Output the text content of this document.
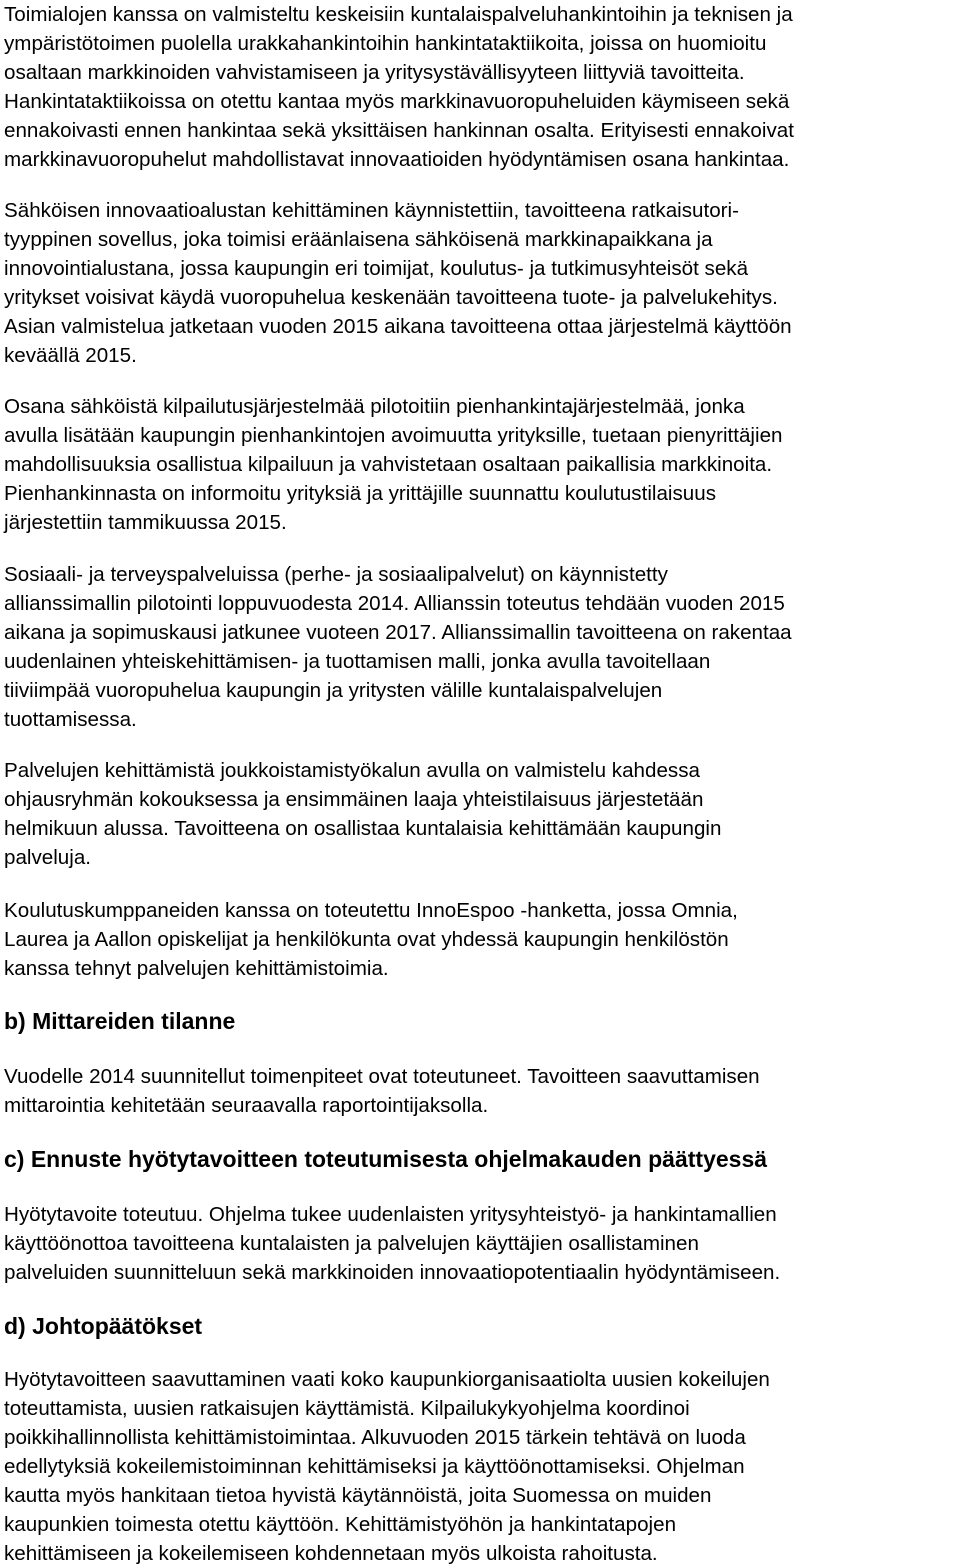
Toimialojen kanssa on valmisteltu keskeisiin kuntalaispalveluhankintoihin ja teknisen ja
ympäristötoimen puolella urakkahankintoihin hankintataktiikoita, joissa on huomioitu
osaltaan markkinoiden vahvistamiseen ja yritysystävällisyyteen liittyviä tavoitteita.
Hankintataktiikoissa on otettu kantaa myös markkinavuoropuheluiden käymiseen sekä
ennakoivasti ennen hankintaa sekä yksittäisen hankinnan osalta. Erityisesti ennakoivat
markkinavuoropuhelut mahdollistavat innovaatioiden hyödyntämisen osana hankintaa.
Sähköisen innovaatioalustan kehittäminen käynnistettiin, tavoitteena ratkaisutori-
tyyppinen sovellus, joka toimisi eräänlaisena sähköisenä markkinapaikkana ja
innovointialustana, jossa kaupungin eri toimijat, koulutus- ja tutkimusyhteisöt sekä
yritykset voisivat käydä vuoropuhelua keskenään tavoitteena tuote- ja palvelukehitys.
Asian valmistelua jatketaan vuoden 2015 aikana tavoitteena ottaa järjestelmä käyttöön
keväällä 2015.
Osana sähköistä kilpailutusjärjestelmää pilotoitiin pienhankintajärjestelmää, jonka
avulla lisätään kaupungin pienhankintojen avoimuutta yrityksille, tuetaan pienyrittäjien
mahdollisuuksia osallistua kilpailuun ja vahvistetaan osaltaan paikallisia markkinoita.
Pienhankinnasta on informoitu yrityksiä ja yrittäjille suunnattu koulutustilaisuus
järjestettiin tammikuussa 2015.
Sosiaali- ja terveyspalveluissa (perhe- ja sosiaalipalvelut) on käynnistetty
allianssimallin pilotointi loppuvuodesta 2014. Allianssin toteutus tehdään vuoden 2015
aikana ja sopimuskausi jatkunee vuoteen 2017. Allianssimallin tavoitteena on rakentaa
uudenlainen yhteiskehittämisen- ja tuottamisen malli, jonka avulla tavoitellaan
tiiviimpää vuoropuhelua kaupungin ja yritysten välille kuntalaispalvelujen
tuottamisessa.
Palvelujen kehittämistä joukkoistamistyökalun avulla on valmistelu kahdessa
ohjausryhmän kokouksessa ja ensimmäinen laaja yhteistilaisuus järjestetään
helmikuun alussa. Tavoitteena on osallistaa kuntalaisia kehittämään kaupungin
palveluja.
Koulutuskumppaneiden kanssa on toteutettu InnoEspoo -hanketta, jossa Omnia,
Laurea ja Aallon opiskelijat ja henkilökunta ovat yhdessä kaupungin henkilöstön
kanssa tehnyt palvelujen kehittämistoimia.
b) Mittareiden tilanne
Vuodelle 2014 suunnitellut toimenpiteet ovat toteutuneet. Tavoitteen saavuttamisen
mittarointia kehitetään seuraavalla raportointijaksolla.
c) Ennuste hyötytavoitteen toteutumisesta ohjelmakauden päättyessä
Hyötytavoite toteutuu. Ohjelma tukee uudenlaisten yritysyhteistyö- ja hankintamallien
käyttöönottoa tavoitteena kuntalaisten ja palvelujen käyttäjien osallistaminen
palveluiden suunnitteluun sekä markkinoiden innovaatiopotentiaalin hyödyntämiseen.
d) Johtopäätökset
Hyötytavoitteen saavuttaminen vaati koko kaupunkiorganisaatiolta uusien kokeilujen
toteuttamista, uusien ratkaisujen käyttämistä. Kilpailukykyohjelma koordinoi
poikkihallinnollista kehittämistoimintaa. Alkuvuoden 2015 tärkein tehtävä on luoda
edellytyksiä kokeilemistoiminnan kehittämiseksi ja käyttöönottamiseksi. Ohjelman
kautta myös hankitaan tietoa hyvistä käytännöistä, joita Suomessa on muiden
kaupunkien toimesta otettu käyttöön. Kehittämistyöhön ja hankintatapojen
kehittämiseen ja kokeilemiseen kohdennetaan myös ulkoista rahoitusta.
